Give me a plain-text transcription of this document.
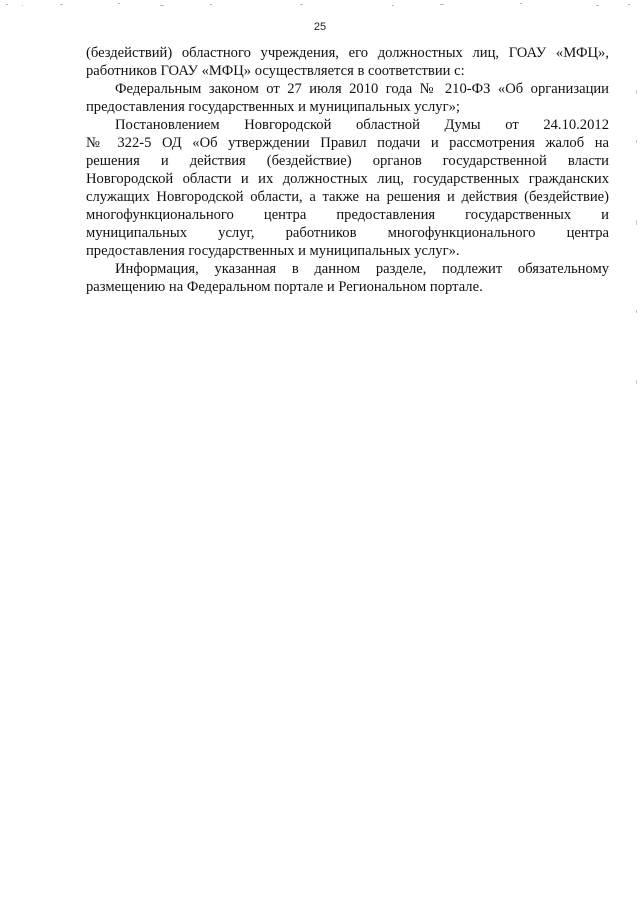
25
(бездействий) областного учреждения, его должностных лиц, ГОАУ «МФЦ»,
работников ГОАУ «МФЦ» осуществляется в соответствии с:
Федеральным законом от 27 июля 2010 года № 210-ФЗ «Об организации
предоставления государственных и муниципальных услуг»;
Постановлением Новгородской областной Думы от 24.10.2012
№ 322-5 ОД «Об утверждении Правил подачи и рассмотрения жалоб на
решения и действия (бездействие) органов государственной власти
Новгородской области и их должностных лиц, государственных гражданских
служащих Новгородской области, а также на решения и действия (бездействие)
многофункционального центра предоставления государственных и
муниципальных услуг, работников многофункционального центра
предоставления государственных и муниципальных услуг».
Информация, указанная в данном разделе, подлежит обязательному
размещению на Федеральном портале и Региональном портале.
